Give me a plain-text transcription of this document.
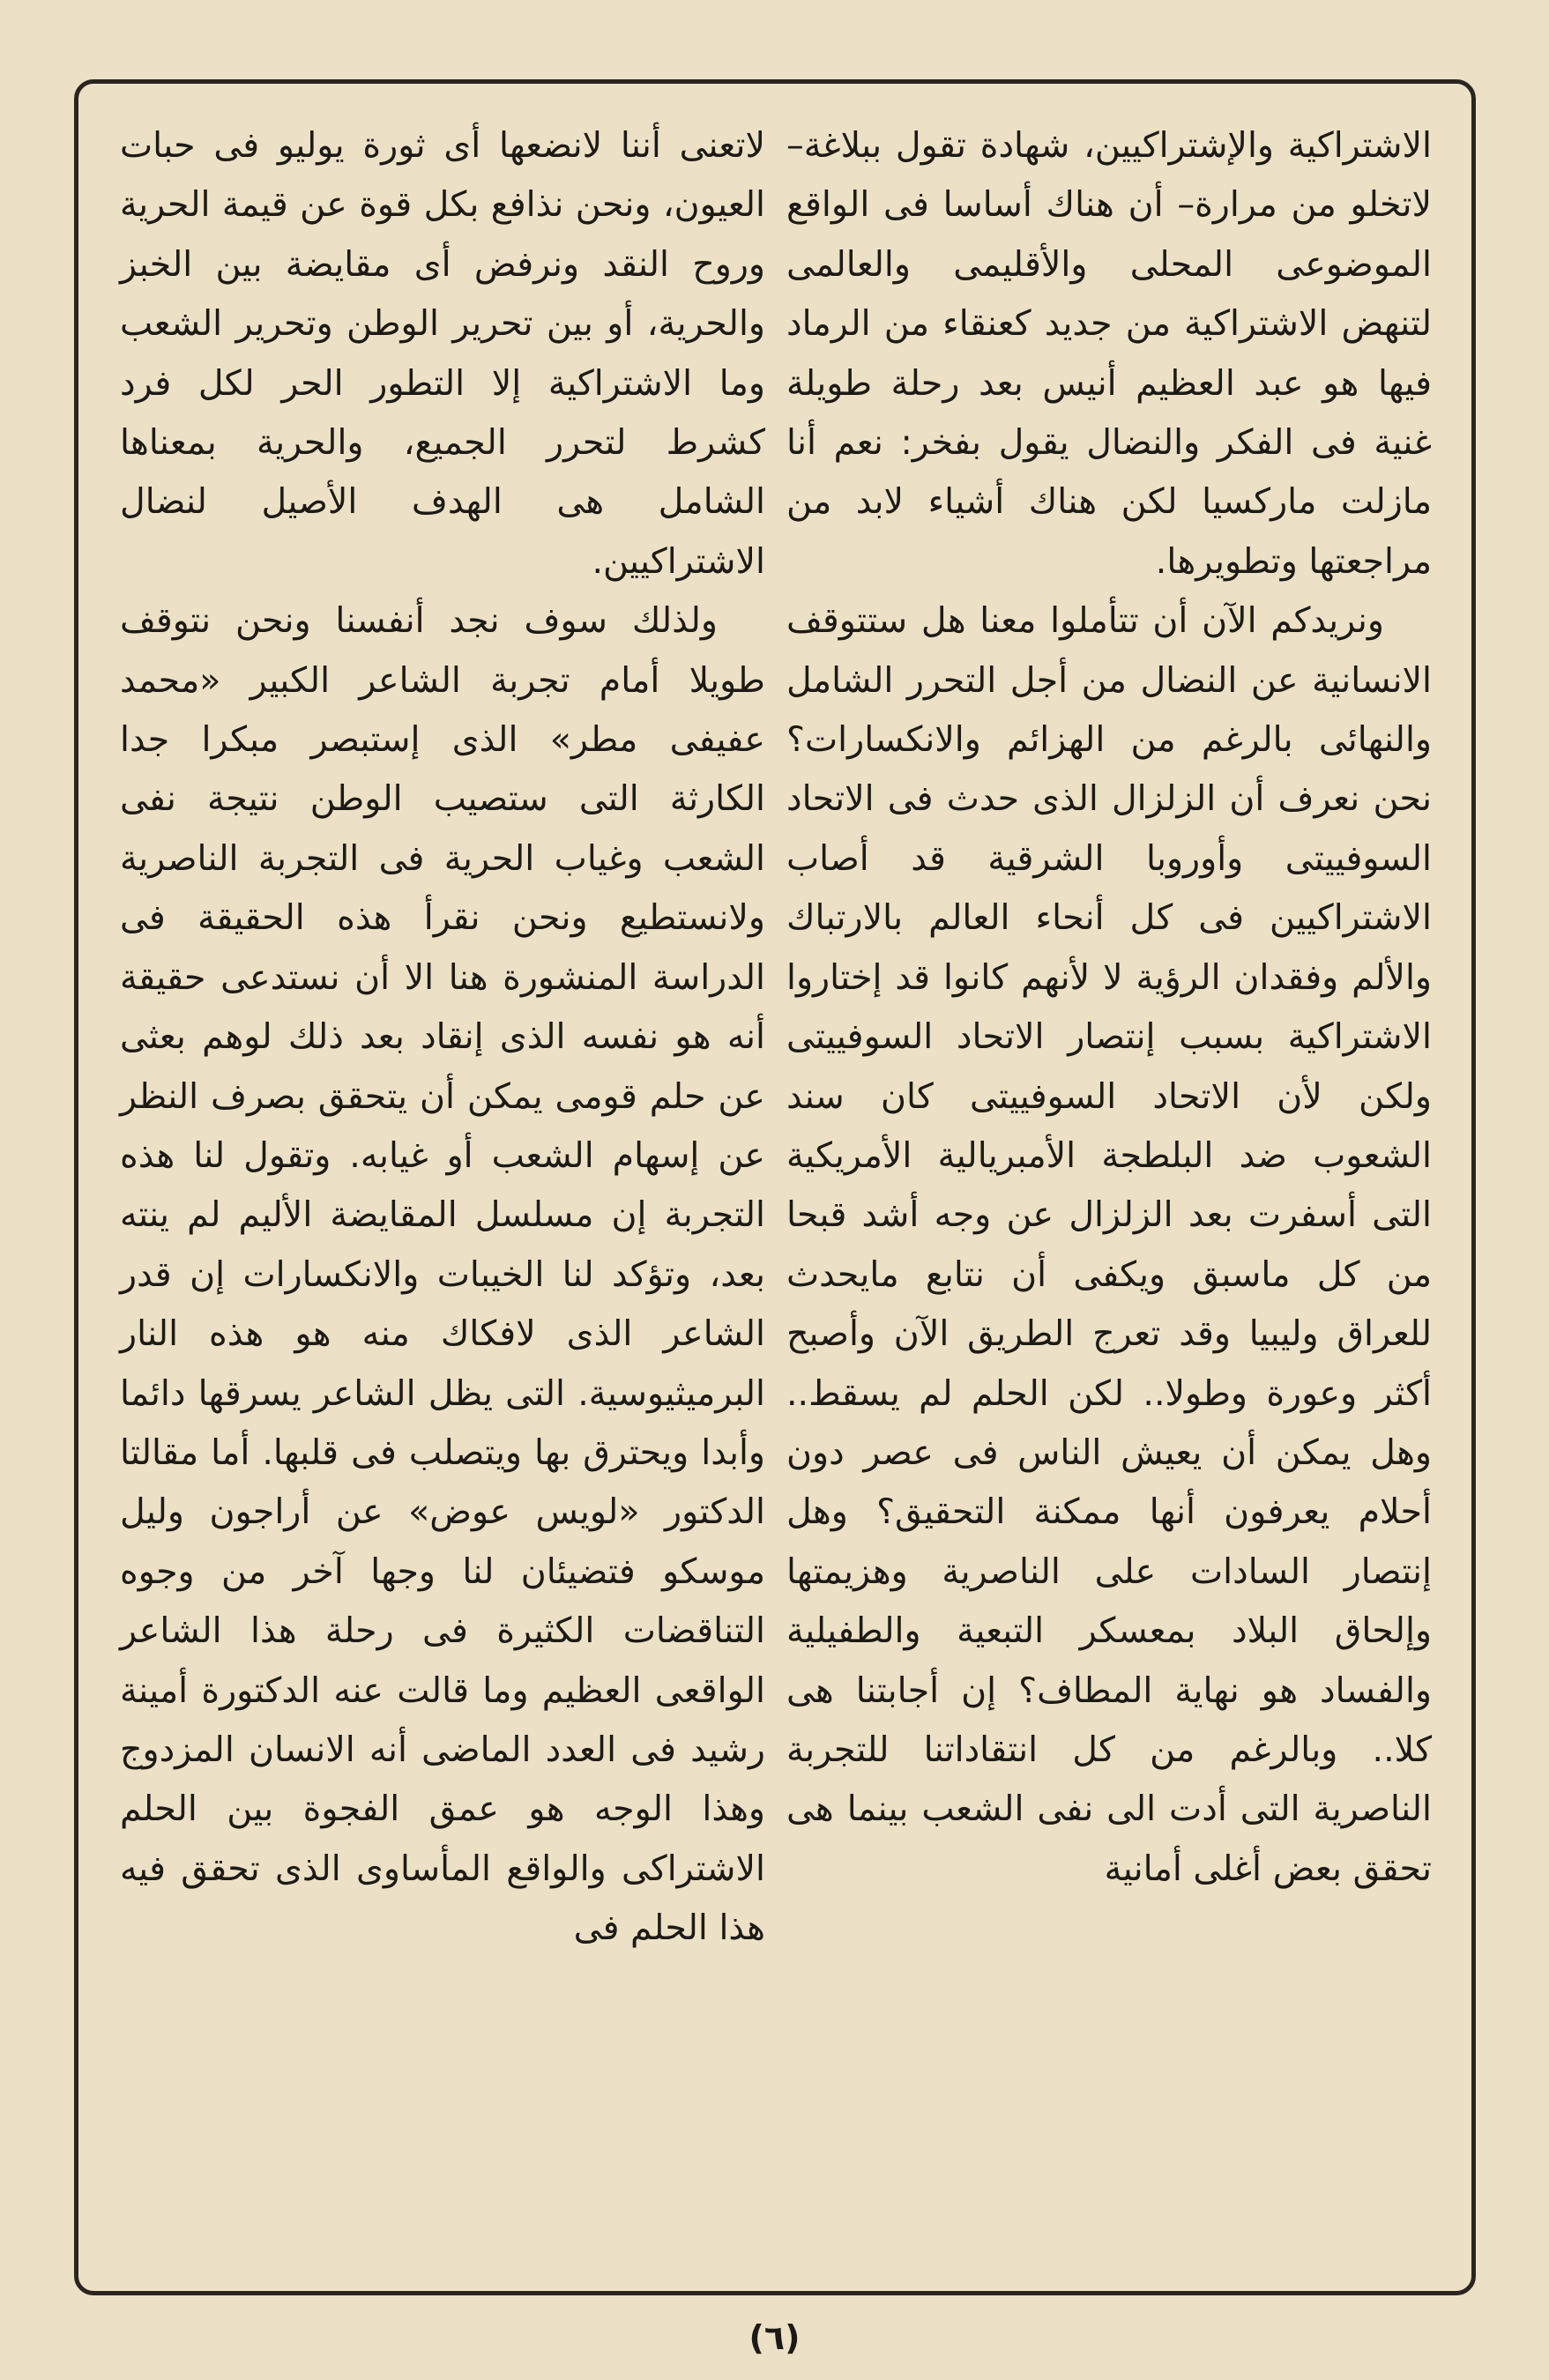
الاشتراكية والإشتراكيين، شهادة تقول ببلاغة– لاتخلو من مرارة– أن هناك أساسا فى الواقع الموضوعى المحلى والأقليمى والعالمى لتنهض الاشتراكية من جديد كعنقاء من الرماد فيها هو عبد العظيم أنيس بعد رحلة طويلة غنية فى الفكر والنضال يقول بفخر: نعم أنا مازلت ماركسيا لكن هناك أشياء لابد من مراجعتها وتطويرها.

ونريدكم الآن أن تتأملوا معنا هل ستتوقف الانسانية عن النضال من أجل التحرر الشامل والنهائى بالرغم من الهزائم والانكسارات؟ نحن نعرف أن الزلزال الذى حدث فى الاتحاد السوفييتى وأوروبا الشرقية قد أصاب الاشتراكيين فى كل أنحاء العالم بالارتباك والألم وفقدان الرؤية لا لأنهم كانوا قد إختاروا الاشتراكية بسبب إنتصار الاتحاد السوفييتى ولكن لأن الاتحاد السوفييتى كان سند الشعوب ضد البلطجة الأمبريالية الأمريكية التى أسفرت بعد الزلزال عن وجه أشد قبحا من كل ماسبق ويكفى أن نتابع مايحدث للعراق وليبيا وقد تعرج الطريق الآن وأصبح أكثر وعورة وطولا.. لكن الحلم لم يسقط.. وهل يمكن أن يعيش الناس فى عصر دون أحلام يعرفون أنها ممكنة التحقيق؟ وهل إنتصار السادات على الناصرية وهزيمتها وإلحاق البلاد بمعسكر التبعية والطفيلية والفساد هو نهاية المطاف؟ إن أجابتنا هى كلا.. وبالرغم من كل انتقاداتنا للتجربة الناصرية التى أدت الى نفى الشعب بينما هى تحقق بعض أغلى أمانية

لاتعنى أننا لانضعها أى ثورة يوليو فى حبات العيون، ونحن نذافع بكل قوة عن قيمة الحرية وروح النقد ونرفض أى مقايضة بين الخبز والحرية، أو بين تحرير الوطن وتحرير الشعب وما الاشتراكية إلا التطور الحر لكل فرد كشرط لتحرر الجميع، والحرية بمعناها الشامل هى الهدف الأصيل لنضال الاشتراكيين.

ولذلك سوف نجد أنفسنا ونحن نتوقف طويلا أمام تجربة الشاعر الكبير «محمد عفيفى مطر» الذى إستبصر مبكرا جدا الكارثة التى ستصيب الوطن نتيجة نفى الشعب وغياب الحرية فى التجربة الناصرية ولانستطيع ونحن نقرأ هذه الحقيقة فى الدراسة المنشورة هنا الا أن نستدعى حقيقة أنه هو نفسه الذى إنقاد بعد ذلك لوهم بعثى عن حلم قومى يمكن أن يتحقق بصرف النظر عن إسهام الشعب أو غيابه. وتقول لنا هذه التجربة إن مسلسل المقايضة الأليم لم ينته بعد، وتؤكد لنا الخيبات والانكسارات إن قدر الشاعر الذى لافكاك منه هو هذه النار البرميثيوسية. التى يظل الشاعر يسرقها دائما وأبدا ويحترق بها ويتصلب فى قلبها. أما مقالتا الدكتور «لويس عوض» عن أراجون وليل موسكو فتضيئان لنا وجها آخر من وجوه التناقضات الكثيرة فى رحلة هذا الشاعر الواقعى العظيم وما قالت عنه الدكتورة أمينة رشيد فى العدد الماضى أنه الانسان المزدوج وهذا الوجه هو عمق الفجوة بين الحلم الاشتراكى والواقع المأساوى الذى تحقق فيه هذا الحلم فى

(٦)
